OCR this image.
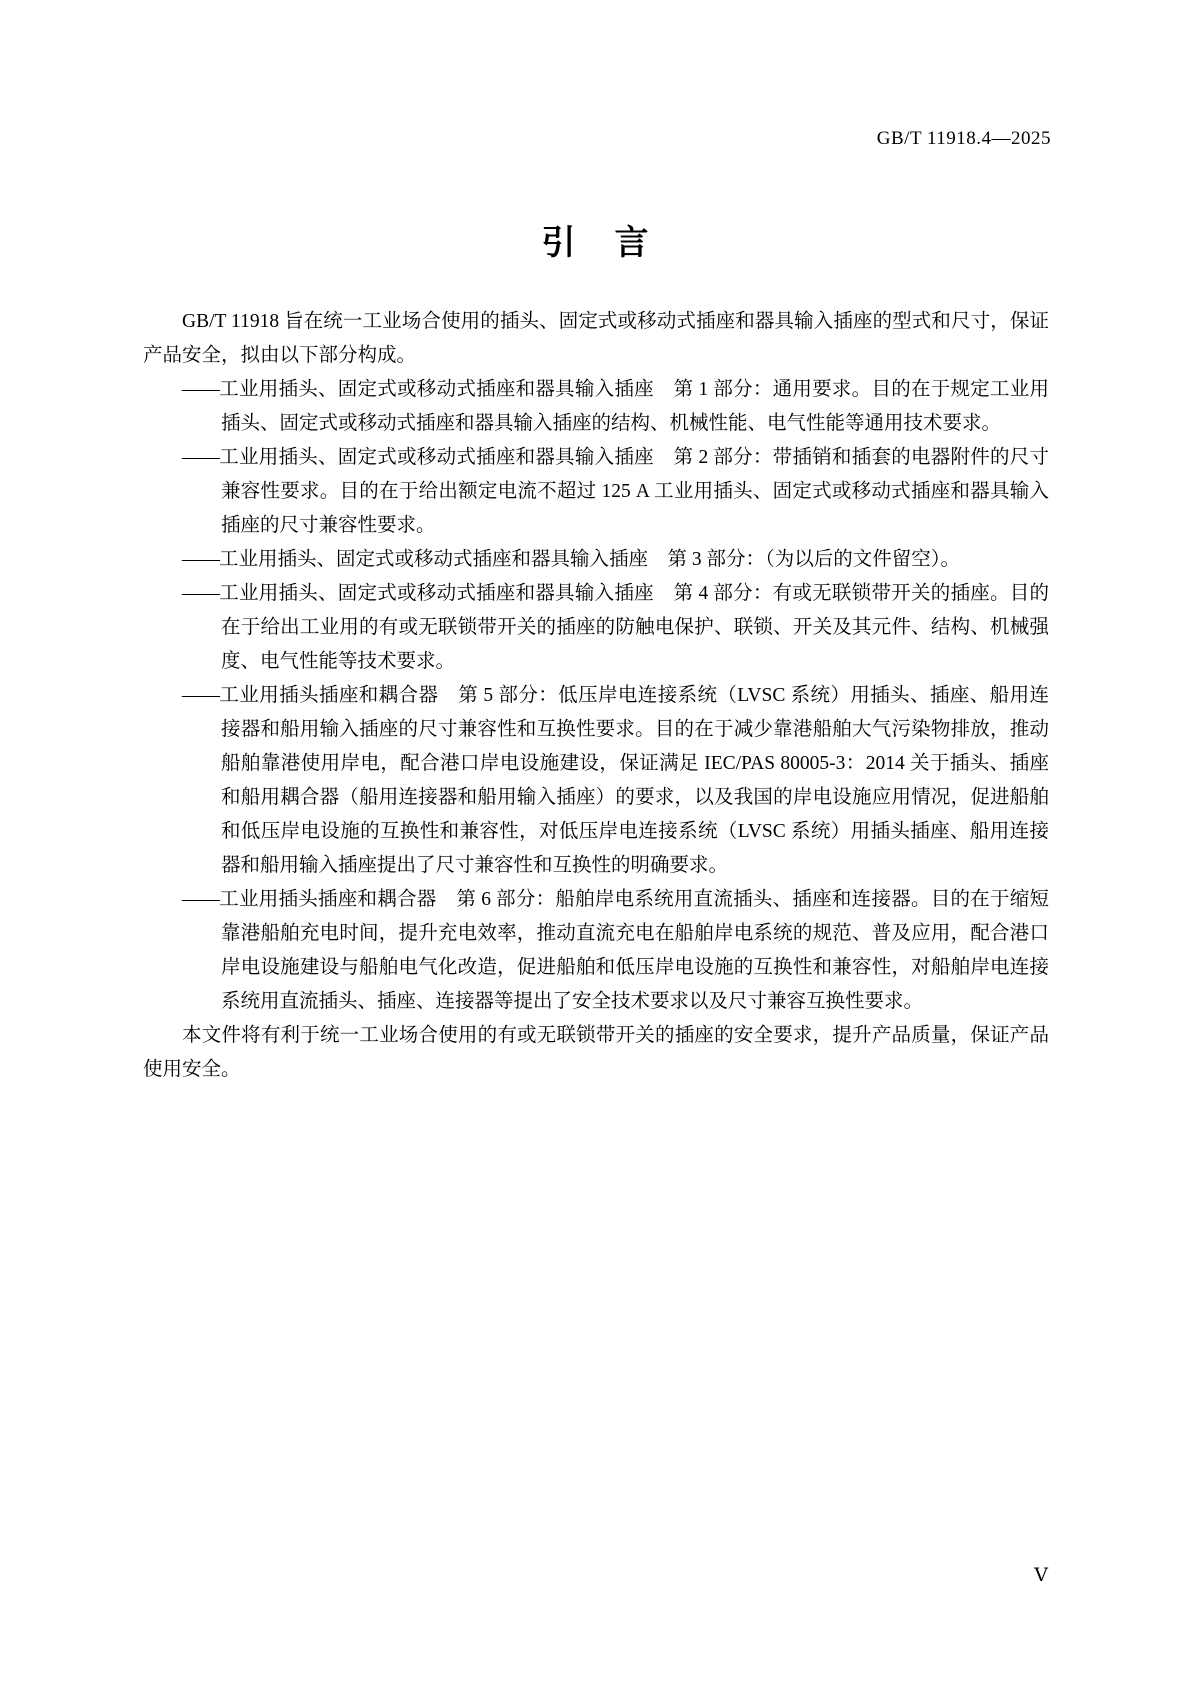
GB/T 11918.4—2025
引 言

GB/T 11918 旨在统一工业场合使用的插头、固定式或移动式插座和器具输入插座的型式和尺寸，保证产品安全，拟由以下部分构成。

——工业用插头、固定式或移动式插座和器具输入插座　第 1 部分：通用要求。目的在于规定工业用插头、固定式或移动式插座和器具输入插座的结构、机械性能、电气性能等通用技术要求。

——工业用插头、固定式或移动式插座和器具输入插座　第 2 部分：带插销和插套的电器附件的尺寸兼容性要求。目的在于给出额定电流不超过 125 A 工业用插头、固定式或移动式插座和器具输入插座的尺寸兼容性要求。

——工业用插头、固定式或移动式插座和器具输入插座　第 3 部分：（为以后的文件留空）。

——工业用插头、固定式或移动式插座和器具输入插座　第 4 部分：有或无联锁带开关的插座。目的在于给出工业用的有或无联锁带开关的插座的防触电保护、联锁、开关及其元件、结构、机械强度、电气性能等技术要求。

——工业用插头插座和耦合器　第 5 部分：低压岸电连接系统（LVSC 系统）用插头、插座、船用连接器和船用输入插座的尺寸兼容性和互换性要求。目的在于减少靠港船舶大气污染物排放，推动船舶靠港使用岸电，配合港口岸电设施建设，保证满足 IEC/PAS 80005-3：2014 关于插头、插座和船用耦合器（船用连接器和船用输入插座）的要求，以及我国的岸电设施应用情况，促进船舶和低压岸电设施的互换性和兼容性，对低压岸电连接系统（LVSC 系统）用插头插座、船用连接器和船用输入插座提出了尺寸兼容性和互换性的明确要求。

——工业用插头插座和耦合器　第 6 部分：船舶岸电系统用直流插头、插座和连接器。目的在于缩短靠港船舶充电时间，提升充电效率，推动直流充电在船舶岸电系统的规范、普及应用，配合港口岸电设施建设与船舶电气化改造，促进船舶和低压岸电设施的互换性和兼容性，对船舶岸电连接系统用直流插头、插座、连接器等提出了安全技术要求以及尺寸兼容互换性要求。

本文件将有利于统一工业场合使用的有或无联锁带开关的插座的安全要求，提升产品质量，保证产品使用安全。

Ⅴ
